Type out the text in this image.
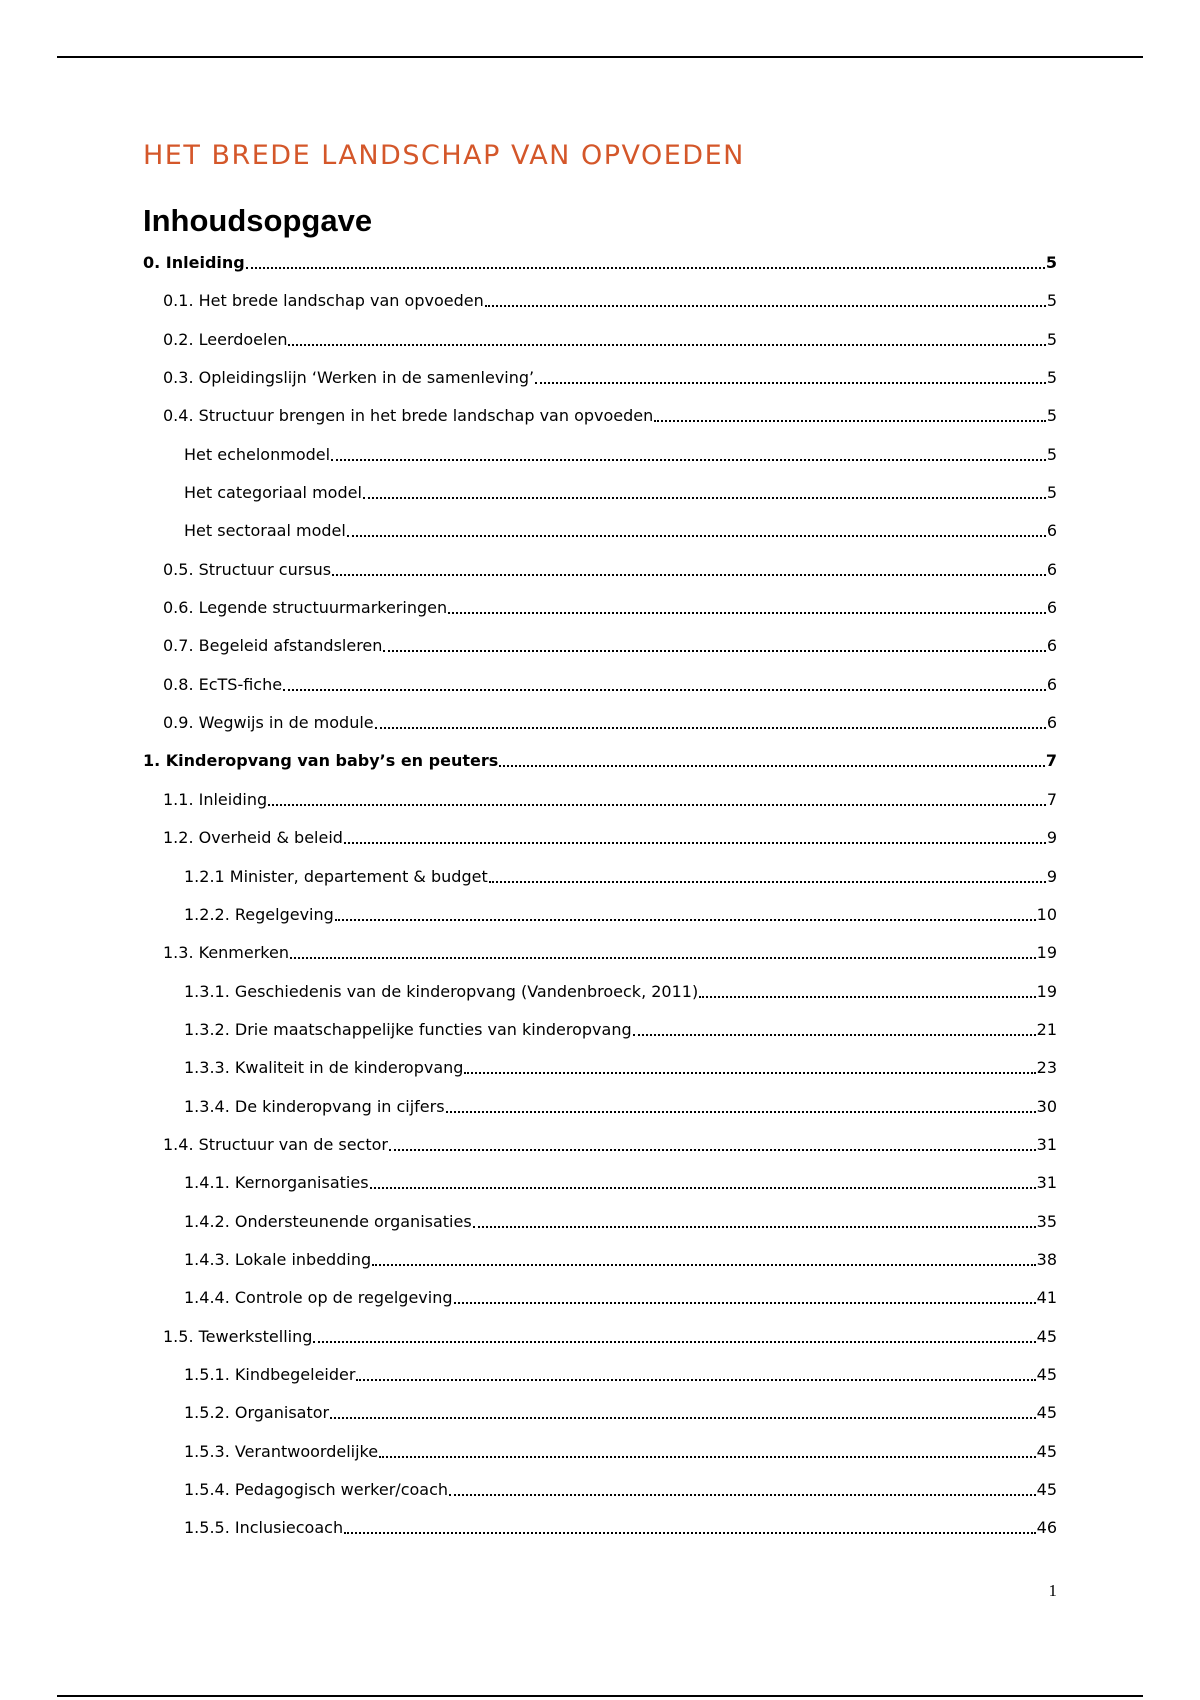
HET BREDE LANDSCHAP VAN OPVOEDEN
Inhoudsopgave
0. Inleiding	5
0.1. Het brede landschap van opvoeden	5
0.2. Leerdoelen	5
0.3. Opleidingslijn ‘Werken in de samenleving’	5
0.4. Structuur brengen in het brede landschap van opvoeden	5
Het echelonmodel	5
Het categoriaal model	5
Het sectoraal model	6
0.5. Structuur cursus	6
0.6. Legende structuurmarkeringen	6
0.7. Begeleid afstandsleren	6
0.8. EcTS-fiche	6
0.9. Wegwijs in de module	6
1. Kinderopvang van baby’s en peuters	7
1.1. Inleiding	7
1.2. Overheid & beleid	9
1.2.1 Minister, departement & budget	9
1.2.2. Regelgeving	10
1.3. Kenmerken	19
1.3.1. Geschiedenis van de kinderopvang (Vandenbroeck, 2011)	19
1.3.2. Drie maatschappelijke functies van kinderopvang	21
1.3.3. Kwaliteit in de kinderopvang	23
1.3.4. De kinderopvang in cijfers	30
1.4. Structuur van de sector	31
1.4.1. Kernorganisaties	31
1.4.2. Ondersteunende organisaties	35
1.4.3. Lokale inbedding	38
1.4.4. Controle op de regelgeving	41
1.5. Tewerkstelling	45
1.5.1. Kindbegeleider	45
1.5.2. Organisator	45
1.5.3. Verantwoordelijke	45
1.5.4. Pedagogisch werker/coach	45
1.5.5. Inclusiecoach	46
1
